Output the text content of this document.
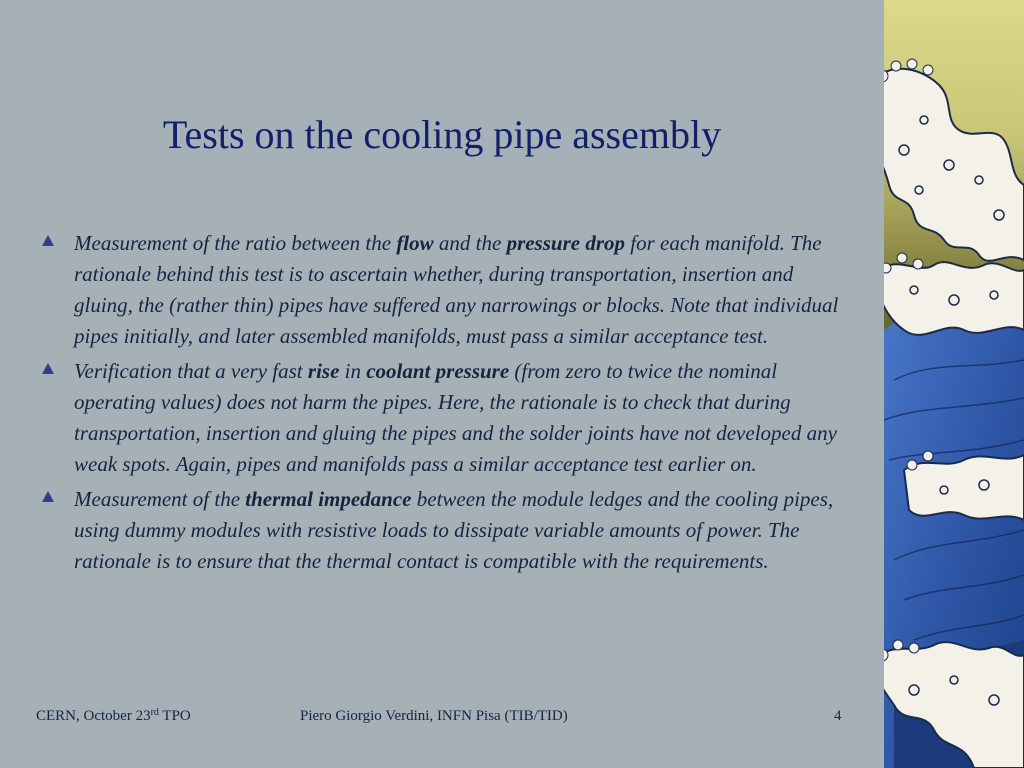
Tests on the cooling pipe assembly
Measurement of the ratio between the flow and the pressure drop for each manifold. The rationale behind this test is to ascertain whether, during transportation, insertion and gluing, the (rather thin) pipes have suffered any narrowings or blocks. Note that individual pipes initially, and later assembled manifolds, must pass a similar acceptance test.
Verification that a very fast rise in coolant pressure (from zero to twice the nominal operating values) does not harm the pipes. Here, the rationale is to check that during transportation, insertion and gluing the pipes and the solder joints have not developed any weak spots. Again, pipes and manifolds pass a similar acceptance test earlier on.
Measurement of the thermal impedance between the module ledges and the cooling pipes, using dummy modules with resistive loads to dissipate variable amounts of power. The rationale is to ensure that the thermal contact is compatible with the requirements.
CERN, October 23rd TPO	Piero Giorgio Verdini, INFN Pisa (TIB/TID)	4
